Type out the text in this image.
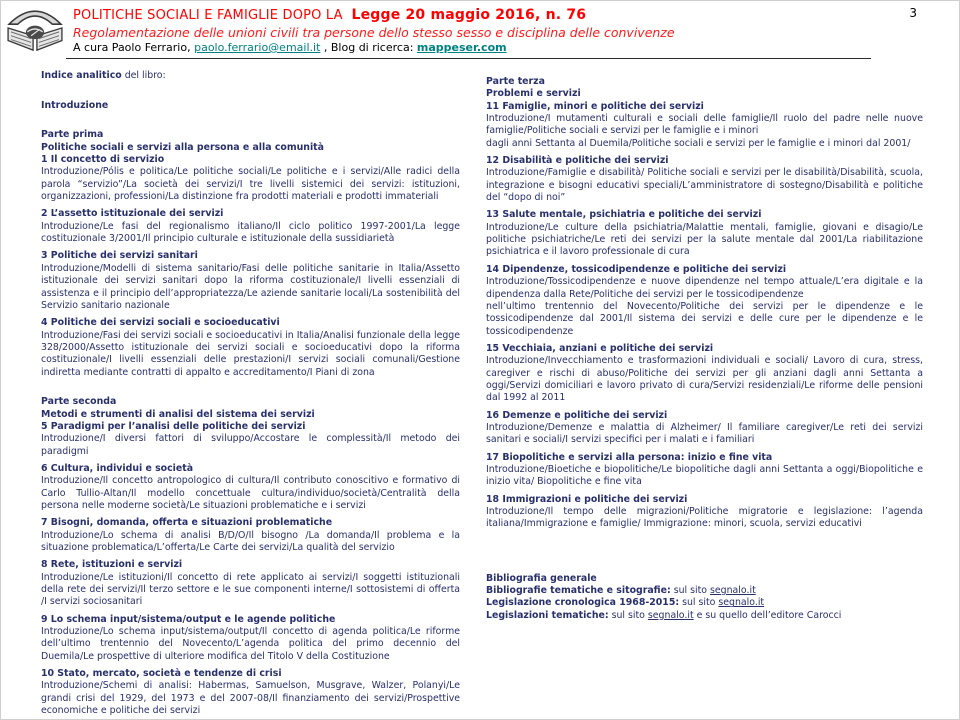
POLITICHE SOCIALI E FAMIGLIE DOPO LA Legge 20 maggio 2016, n. 76
Regolamentazione delle unioni civili tra persone dello stesso sesso e disciplina delle convivenze
A cura Paolo Ferrario, paolo.ferrario@email.it , Blog di ricerca: mappeser.com
3
Indice analitico del libro:
Introduzione
Parte prima
Politiche sociali e servizi alla persona e alla comunità
1 Il concetto di servizio
Introduzione/Pólis e politica/Le politiche sociali/Le politiche e i servizi/Alle radici della parola “servizio”/La società dei servizi/I tre livelli sistemici dei servizi: istituzioni, organizzazioni, professioni/La distinzione fra prodotti materiali e prodotti immateriali
2 L’assetto istituzionale dei servizi
Introduzione/Le fasi del regionalismo italiano/Il ciclo politico 1997-2001/La legge costituzionale 3/2001/Il principio culturale e istituzionale della sussidiarietà
3 Politiche dei servizi sanitari
Introduzione/Modelli di sistema sanitario/Fasi delle politiche sanitarie in Italia/Assetto istituzionale dei servizi sanitari dopo la riforma costituzionale/I livelli essenziali di assistenza e il principio dell’appropriatezza/Le aziende sanitarie locali/La sostenibilità del Servizio sanitario nazionale
4 Politiche dei servizi sociali e socioeducativi
Introduzione/Fasi dei servizi sociali e socioeducativi in Italia/Analisi funzionale della legge 328/2000/Assetto istituzionale dei servizi sociali e socioeducativi dopo la riforma costituzionale/I livelli essenziali delle prestazioni/I servizi sociali comunali/Gestione indiretta mediante contratti di appalto e accreditamento/I Piani di zona
Parte seconda
Metodi e strumenti di analisi del sistema dei servizi
5 Paradigmi per l’analisi delle politiche dei servizi
Introduzione/I diversi fattori di sviluppo/Accostare le complessità/Il metodo dei paradigmi
6 Cultura, individui e società
Introduzione/Il concetto antropologico di cultura/Il contributo conoscitivo e formativo di Carlo Tullio-Altan/Il modello concettuale cultura/individuo/società/Centralità della persona nelle moderne società/Le situazioni problematiche e i servizi
7 Bisogni, domanda, offerta e situazioni problematiche
Introduzione/Lo schema di analisi B/D/O/Il bisogno /La domanda/Il problema e la situazione problematica/L’offerta/Le Carte dei servizi/La qualità del servizio
8 Rete, istituzioni e servizi
Introduzione/Le istituzioni/Il concetto di rete applicato ai servizi/I soggetti istituzionali della rete dei servizi/Il terzo settore e le sue componenti interne/I sottosistemi di offerta /I servizi sociosanitari
9 Lo schema input/sistema/output e le agende politiche
Introduzione/Lo schema input/sistema/output/Il concetto di agenda politica/Le riforme dell’ultimo trentennio del Novecento/L’agenda politica del primo decennio del Duemila/Le prospettive di ulteriore modifica del Titolo V della Costituzione
10 Stato, mercato, società e tendenze di crisi
Introduzione/Schemi di analisi: Habermas, Samuelson, Musgrave, Walzer, Polanyi/Le grandi crisi del 1929, del 1973 e del 2007-08/Il finanziamento dei servizi/Prospettive economiche e politiche dei servizi
Parte terza
Problemi e servizi
11 Famiglie, minori e politiche dei servizi
Introduzione/I mutamenti culturali e sociali delle famiglie/Il ruolo del padre nelle nuove famiglie/Politiche sociali e servizi per le famiglie e i minori
dagli anni Settanta al Duemila/Politiche sociali e servizi per le famiglie e i minori dal 2001/
12 Disabilità e politiche dei servizi
Introduzione/Famiglie e disabilità/ Politiche sociali e servizi per le disabilità/Disabilità, scuola, integrazione e bisogni educativi speciali/L’amministratore di sostegno/Disabilità e politiche del “dopo di noi”
13 Salute mentale, psichiatria e politiche dei servizi
Introduzione/Le culture della psichiatria/Malattie mentali, famiglie, giovani e disagio/Le politiche psichiatriche/Le reti dei servizi per la salute mentale dal 2001/La riabilitazione psichiatrica e il lavoro professionale di cura
14 Dipendenze, tossicodipendenze e politiche dei servizi
Introduzione/Tossicodipendenze e nuove dipendenze nel tempo attuale/L’era digitale e la dipendenza dalla Rete/Politiche dei servizi per le tossicodipendenze
nell’ultimo trentennio del Novecento/Politiche dei servizi per le dipendenze e le tossicodipendenze dal 2001/Il sistema dei servizi e delle cure per le dipendenze e le tossicodipendenze
15 Vecchiaia, anziani e politiche dei servizi
Introduzione/Invecchiamento e trasformazioni individuali e sociali/ Lavoro di cura, stress, caregiver e rischi di abuso/Politiche dei servizi per gli anziani dagli anni Settanta a oggi/Servizi domiciliari e lavoro privato di cura/Servizi residenziali/Le riforme delle pensioni dal 1992 al 2011
16 Demenze e politiche dei servizi
Introduzione/Demenze e malattia di Alzheimer/ Il familiare caregiver/Le reti dei servizi sanitari e sociali/I servizi specifici per i malati e i familiari
17 Biopolitiche e servizi alla persona: inizio e fine vita
Introduzione/Bioetiche e biopolitiche/Le biopolitiche dagli anni Settanta a oggi/Biopolitiche e inizio vita/ Biopolitiche e fine vita
18 Immigrazioni e politiche dei servizi
Introduzione/Il tempo delle migrazioni/Politiche migratorie e legislazione: l’agenda italiana/Immigrazione e famiglie/ Immigrazione: minori, scuola, servizi educativi
Bibliografia generale
Bibliografie tematiche e sitografie: sul sito segnalo.it
Legislazione cronologica 1968-2015: sul sito segnalo.it
Legislazioni tematiche: sul sito segnalo.it e su quello dell’editore Carocci
